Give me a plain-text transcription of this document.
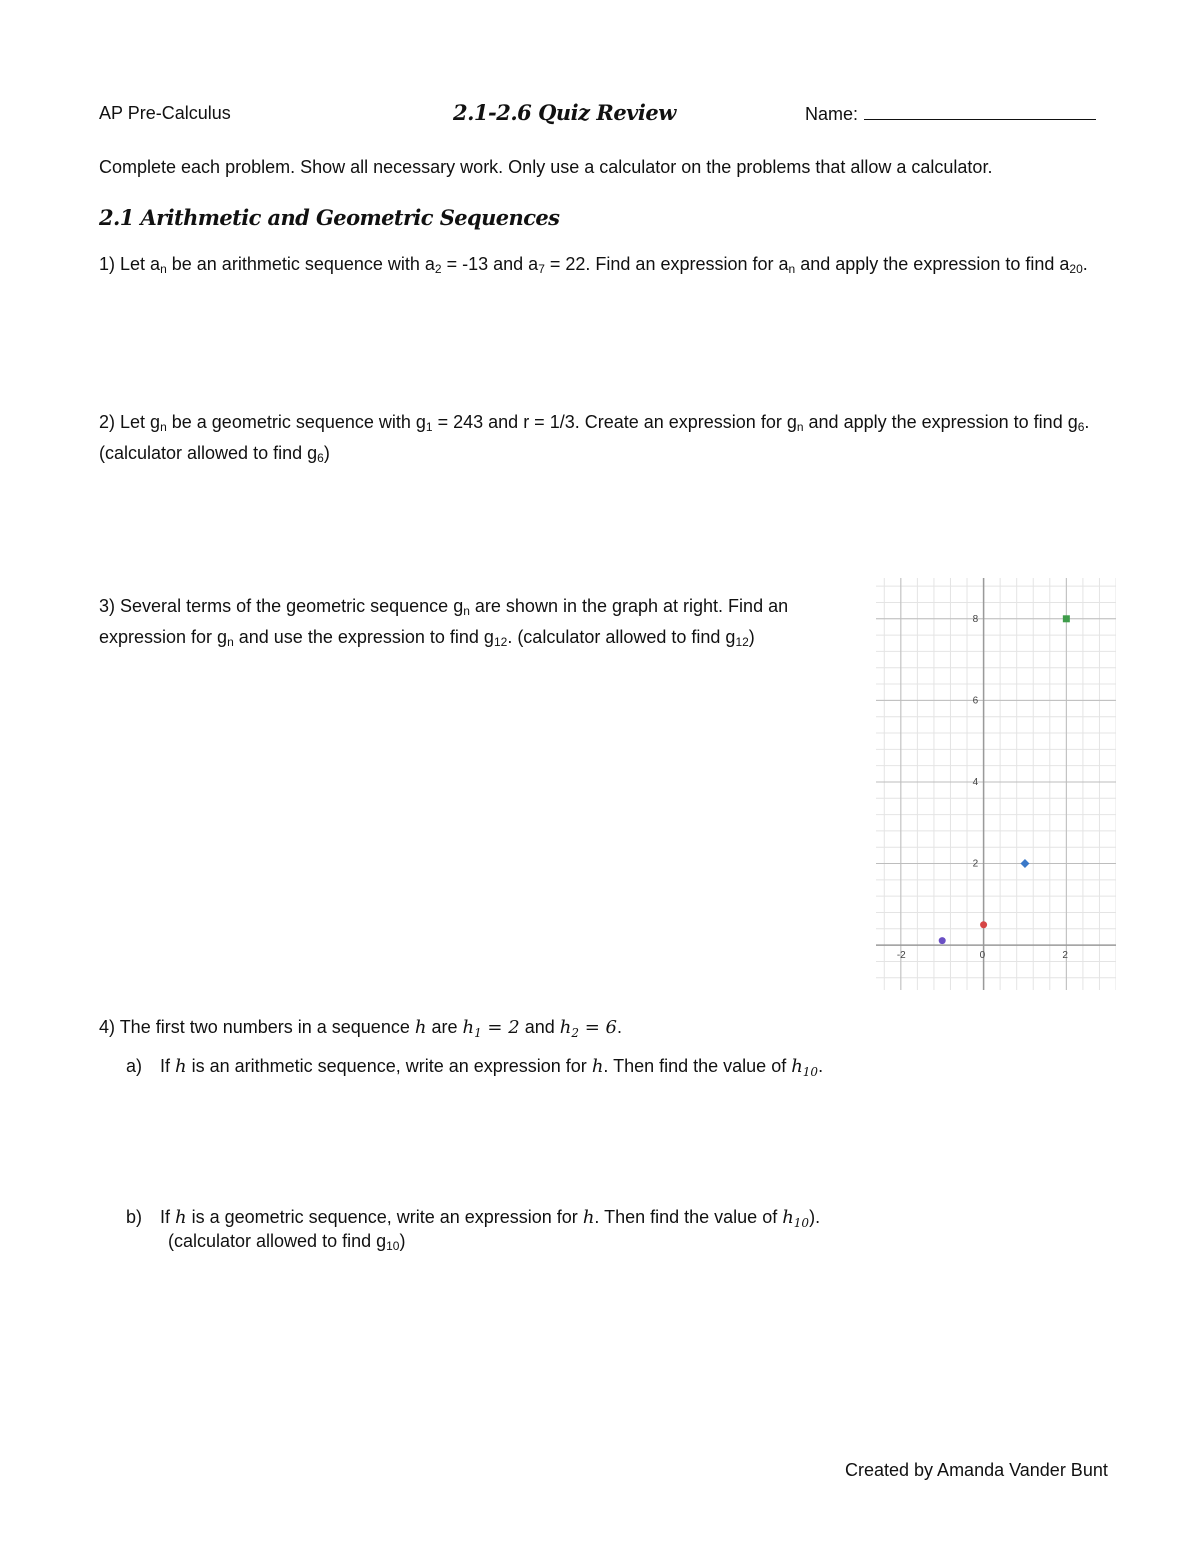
AP Pre-Calculus	2.1-2.6 Quiz Review	Name:
Complete each problem. Show all necessary work. Only use a calculator on the problems that allow a calculator.
2.1 Arithmetic and Geometric Sequences
1) Let $a_n$ be an arithmetic sequence with $a_2 = -13$ and $a_7 = 22$. Find an expression for $a_n$ and apply the expression to find $a_{20}$.
2) Let $g_n$ be a geometric sequence with $g_1 = 243$ and r = 1/3. Create an expression for $g_n$ and apply the expression to find $g_6$. (calculator allowed to find $g_6$)
3) Several terms of the geometric sequence $g_n$ are shown in the graph at right. Find an expression for $g_n$ and use the expression to find $g_{12}$. (calculator allowed to find $g_{12}$)
-2	0	2
2
4
6
8
4) The first two numbers in a sequence h are $h_1 = 2$ and $h_2 = 6$.
a) If h is an arithmetic sequence, write an expression for h. Then find the value of $h_{10}$.
b) If h is a geometric sequence, write an expression for h. Then find the value of $h_{10}$).
(calculator allowed to find $g_{10}$)
Created by Amanda Vander Bunt
